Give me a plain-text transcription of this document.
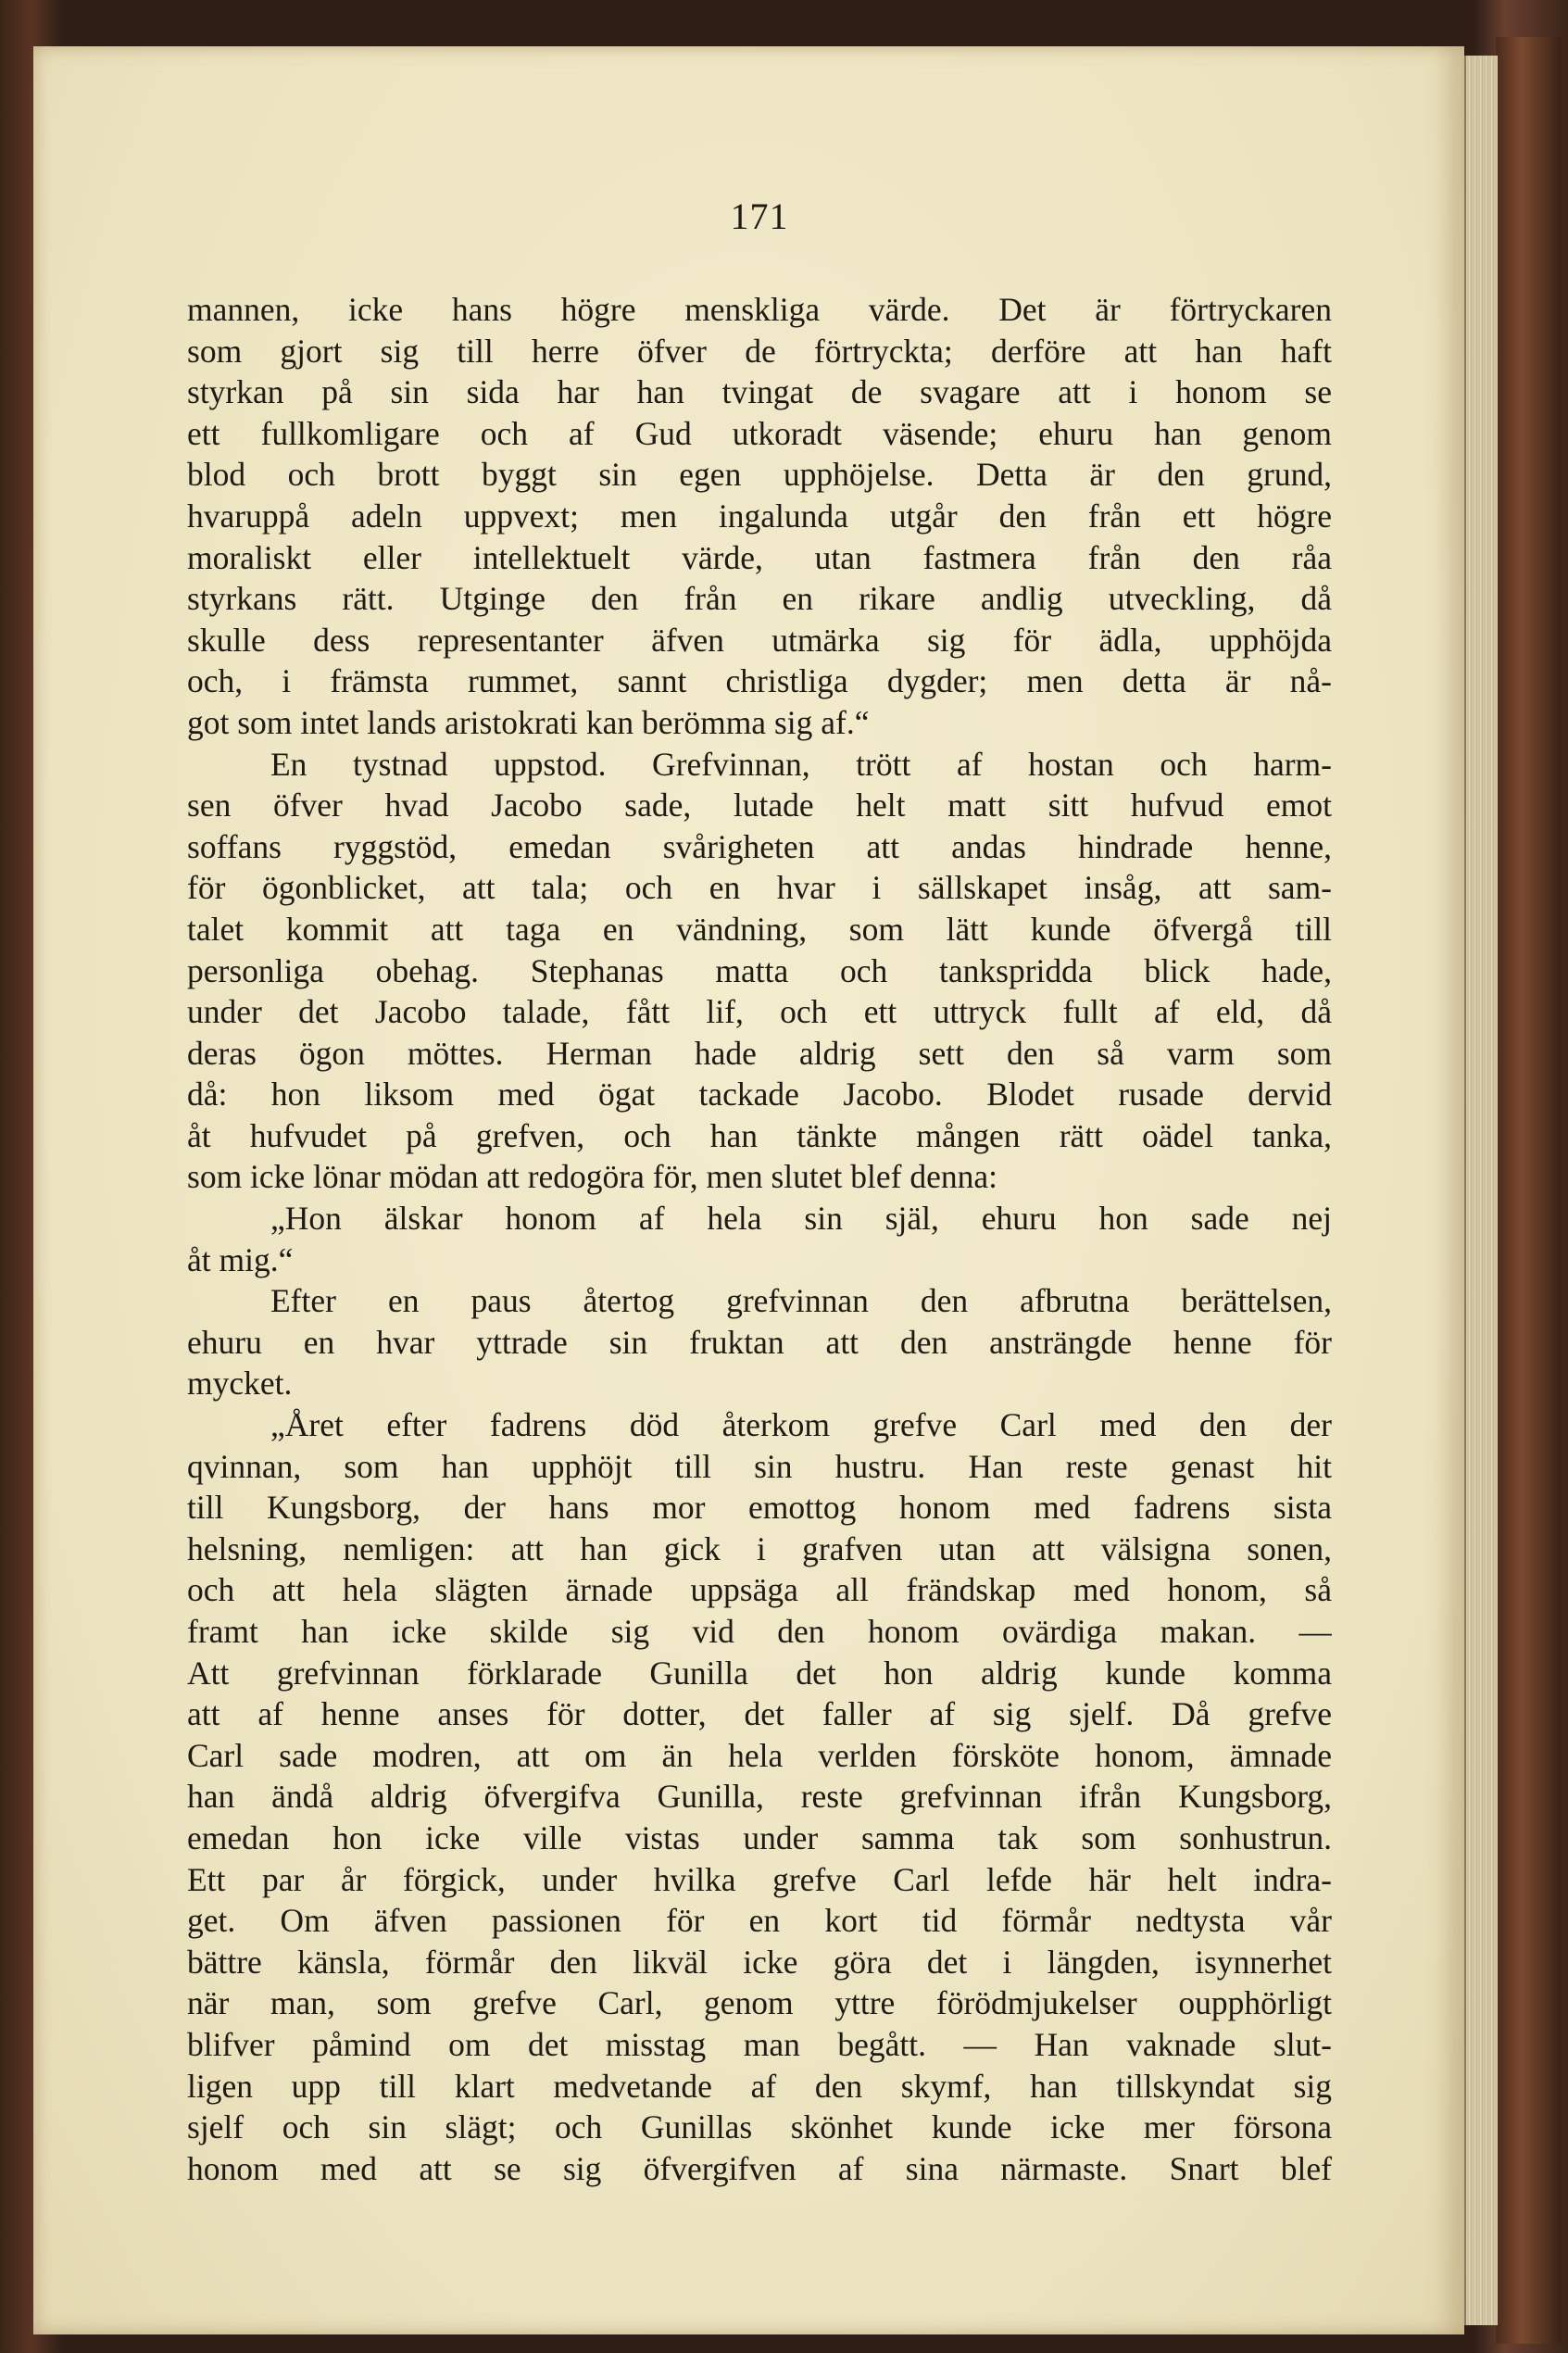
171
mannen, icke hans högre menskliga värde. Det är förtryckaren
som gjort sig till herre öfver de förtryckta; derföre att han haft
styrkan på sin sida har han tvingat de svagare att i honom se
ett fullkomligare och af Gud utkoradt väsende; ehuru han genom
blod och brott byggt sin egen upphöjelse. Detta är den grund,
hvaruppå adeln uppvext; men ingalunda utgår den från ett högre
moraliskt eller intellektuelt värde, utan fastmera från den råa
styrkans rätt. Utginge den från en rikare andlig utveckling, då
skulle dess representanter äfven utmärka sig för ädla, upphöjda
och, i främsta rummet, sannt christliga dygder; men detta är nå-
got som intet lands aristokrati kan berömma sig af.“
En tystnad uppstod. Grefvinnan, trött af hostan och harm-
sen öfver hvad Jacobo sade, lutade helt matt sitt hufvud emot
soffans ryggstöd, emedan svårigheten att andas hindrade henne,
för ögonblicket, att tala; och en hvar i sällskapet insåg, att sam-
talet kommit att taga en vändning, som lätt kunde öfvergå till
personliga obehag. Stephanas matta och tankspridda blick hade,
under det Jacobo talade, fått lif, och ett uttryck fullt af eld, då
deras ögon möttes. Herman hade aldrig sett den så varm som
då: hon liksom med ögat tackade Jacobo. Blodet rusade dervid
åt hufvudet på grefven, och han tänkte mången rätt oädel tanka,
som icke lönar mödan att redogöra för, men slutet blef denna:
„Hon älskar honom af hela sin själ, ehuru hon sade nej
åt mig.“
Efter en paus återtog grefvinnan den afbrutna berättelsen,
ehuru en hvar yttrade sin fruktan att den ansträngde henne för
mycket.
„Året efter fadrens död återkom grefve Carl med den der
qvinnan, som han upphöjt till sin hustru. Han reste genast hit
till Kungsborg, der hans mor emottog honom med fadrens sista
helsning, nemligen: att han gick i grafven utan att välsigna sonen,
och att hela slägten ärnade uppsäga all frändskap med honom, så
framt han icke skilde sig vid den honom ovärdiga makan. —
Att grefvinnan förklarade Gunilla det hon aldrig kunde komma
att af henne anses för dotter, det faller af sig sjelf. Då grefve
Carl sade modren, att om än hela verlden försköte honom, ämnade
han ändå aldrig öfvergifva Gunilla, reste grefvinnan ifrån Kungsborg,
emedan hon icke ville vistas under samma tak som sonhustrun.
Ett par år förgick, under hvilka grefve Carl lefde här helt indra-
get. Om äfven passionen för en kort tid förmår nedtysta vår
bättre känsla, förmår den likväl icke göra det i längden, isynnerhet
när man, som grefve Carl, genom yttre förödmjukelser oupphörligt
blifver påmind om det misstag man begått. — Han vaknade slut-
ligen upp till klart medvetande af den skymf, han tillskyndat sig
sjelf och sin slägt; och Gunillas skönhet kunde icke mer försona
honom med att se sig öfvergifven af sina närmaste. Snart blef
